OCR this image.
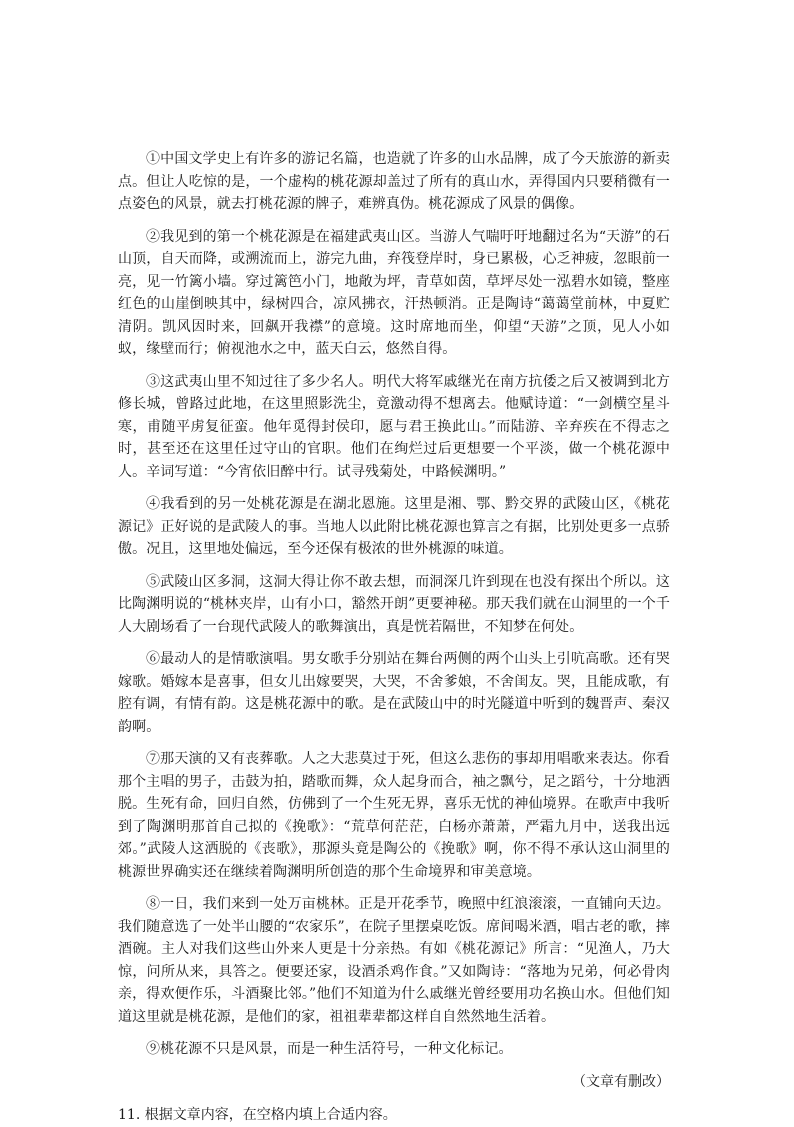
①中国文学史上有许多的游记名篇，也造就了许多的山水品牌，成了今天旅游的新卖点。但让人吃惊的是，一个虚构的桃花源却盖过了所有的真山水，弄得国内只要稍微有一点姿色的风景，就去打桃花源的牌子，难辨真伪。桃花源成了风景的偶像。

②我见到的第一个桃花源是在福建武夷山区。当游人气喘吁吁地翻过名为“天游”的石山顶，自天而降，或溯流而上，游完九曲，弃筏登岸时，身已累极，心乏神疲，忽眼前一亮，见一竹篱小墙。穿过篱笆小门，地敞为坪，青草如茵，草坪尽处一泓碧水如镜，整座红色的山崖倒映其中，绿树四合，凉风拂衣，汗热顿消。正是陶诗“蔼蔼堂前林，中夏贮清阴。凯风因时来，回飙开我襟”的意境。这时席地而坐，仰望“天游”之顶，见人小如蚁，缘壁而行；俯视池水之中，蓝天白云，悠然自得。

③这武夷山里不知过往了多少名人。明代大将军戚继光在南方抗倭之后又被调到北方修长城，曾路过此地，在这里照影洗尘，竟激动得不想离去。他赋诗道：“一剑横空星斗寒，甫随平虏复征蛮。他年觅得封侯印，愿与君王换此山。”而陆游、辛弃疾在不得志之时，甚至还在这里任过守山的官职。他们在绚烂过后更想要一个平淡，做一个桃花源中人。辛词写道：“今宵依旧醉中行。试寻残菊处，中路候渊明。”

④我看到的另一处桃花源是在湖北恩施。这里是湘、鄂、黔交界的武陵山区，《桃花源记》正好说的是武陵人的事。当地人以此附比桃花源也算言之有据，比别处更多一点骄傲。况且，这里地处偏远，至今还保有极浓的世外桃源的味道。

⑤武陵山区多洞，这洞大得让你不敢去想，而洞深几许到现在也没有探出个所以。这比陶渊明说的“桃林夹岸，山有小口，豁然开朗”更要神秘。那天我们就在山洞里的一个千人大剧场看了一台现代武陵人的歌舞演出，真是恍若隔世，不知梦在何处。

⑥最动人的是情歌演唱。男女歌手分别站在舞台两侧的两个山头上引吭高歌。还有哭嫁歌。婚嫁本是喜事，但女儿出嫁要哭，大哭，不舍爹娘，不舍闺友。哭，且能成歌，有腔有调，有情有韵。这是桃花源中的歌。是在武陵山中的时光隧道中听到的魏晋声、秦汉韵啊。

⑦那天演的又有丧葬歌。人之大悲莫过于死，但这么悲伤的事却用唱歌来表达。你看那个主唱的男子，击鼓为拍，踏歌而舞，众人起身而合，袖之飘兮，足之蹈兮，十分地洒脱。生死有命，回归自然，仿佛到了一个生死无界，喜乐无忧的神仙境界。在歌声中我听到了陶渊明那首自己拟的《挽歌》：“荒草何茫茫，白杨亦萧萧，严霜九月中，送我出远郊。”武陵人这洒脱的《丧歌》，那源头竟是陶公的《挽歌》啊，你不得不承认这山洞里的桃源世界确实还在继续着陶渊明所创造的那个生命境界和审美意境。

⑧一日，我们来到一处万亩桃林。正是开花季节，晚照中红浪滚滚，一直铺向天边。我们随意选了一处半山腰的“农家乐”，在院子里摆桌吃饭。席间喝米酒，唱古老的歌，摔酒碗。主人对我们这些山外来人更是十分亲热。有如《桃花源记》所言：“见渔人，乃大惊，问所从来，具答之。便要还家，设酒杀鸡作食。”又如陶诗：“落地为兄弟，何必骨肉亲，得欢便作乐，斗酒聚比邻。”他们不知道为什么戚继光曾经要用功名换山水。但他们知道这里就是桃花源，是他们的家，祖祖辈辈都这样自自然然地生活着。

⑨桃花源不只是风景，而是一种生活符号，一种文化标记。

（文章有删改）

11. 根据文章内容，在空格内填上合适内容。
